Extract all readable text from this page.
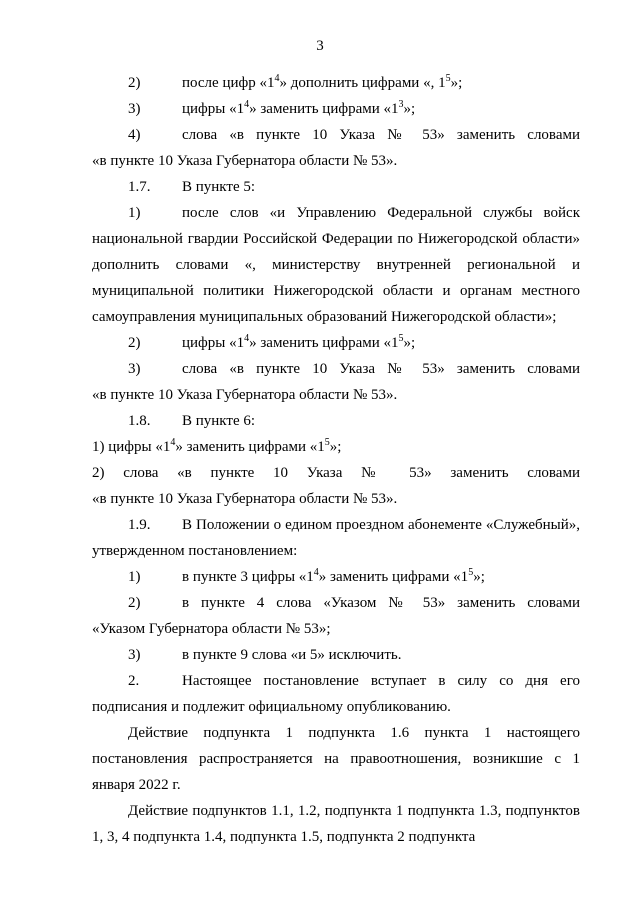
3
2)	после цифр «$1^4$» дополнить цифрами «, $1^5$»;
3)	цифры «$1^4$» заменить цифрами «$1^3$»;
4)	слова «в пункте 10 Указа № 53» заменить словами

«в пункте 10 Указа Губернатора области № 53».

1.7.	В пункте 5:
1)	после слов «и Управлению Федеральной службы войск

национальной гвардии Российской Федерации по Нижегородской области» дополнить словами «, министерству внутренней региональной и муниципальной политики Нижегородской области и органам местного самоуправления муниципальных образований Нижегородской области»;

2)	цифры «$1^4$» заменить цифрами «$1^5$»;
3)	слова «в пункте 10 Указа № 53» заменить словами

«в пункте 10 Указа Губернатора области № 53».

1.8.	В пункте 6:

1) цифры «$1^4$» заменить цифрами «$1^5$»;

2) слова «в пункте 10 Указа № 53» заменить словами

«в пункте 10 Указа Губернатора области № 53».

1.9.	В Положении о едином проездном абонементе «Служебный»,

утвержденном постановлением:

1)	в пункте 3 цифры «$1^4$» заменить цифрами «$1^5$»;
2)	в пункте 4 слова «Указом № 53» заменить словами

«Указом Губернатора области № 53»;

3)	в пункте 9 слова «и 5» исключить.
2.	Настоящее постановление вступает в силу со дня его

подписания и подлежит официальному опубликованию.

Действие подпункта 1 подпункта 1.6 пункта 1 настоящего постановления распространяется на правоотношения, возникшие с 1 января 2022 г.

Действие подпунктов 1.1, 1.2, подпункта 1 подпункта 1.3, подпунктов 1, 3, 4 подпункта 1.4, подпункта 1.5, подпункта 2 подпункта
